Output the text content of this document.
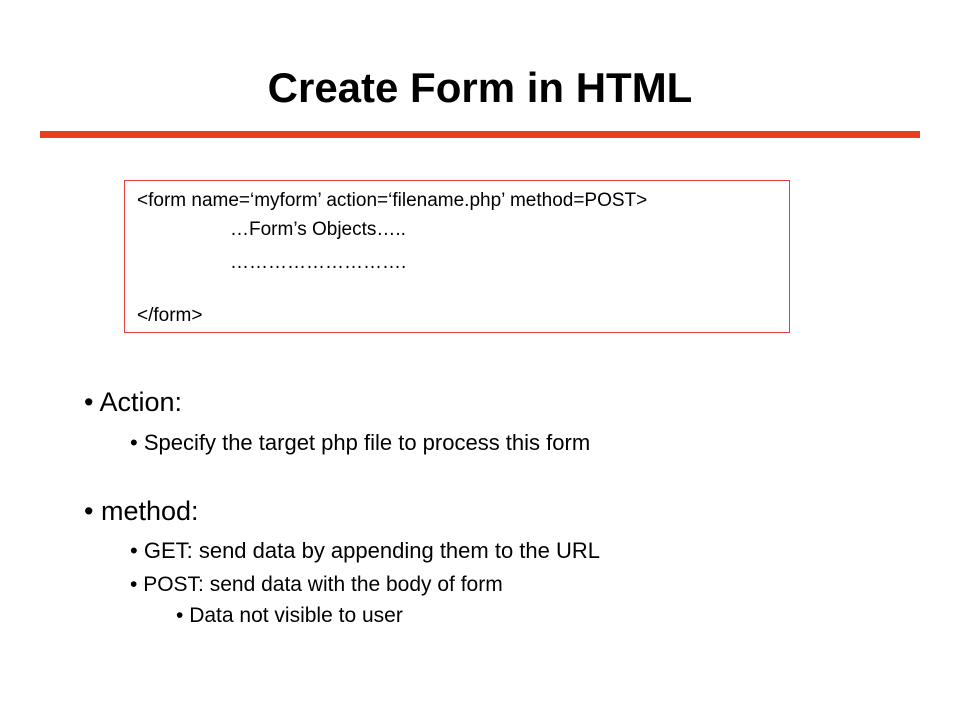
Create Form in HTML
<form name=‘myform’ action=‘filename.php’ method=POST>
…Form’s Objects…..
……………………….
</form>
• Action:
• Specify the target php file to process this form
• method:
• GET: send data by appending them to the URL
• POST: send data with the body of form
• Data not visible to user
